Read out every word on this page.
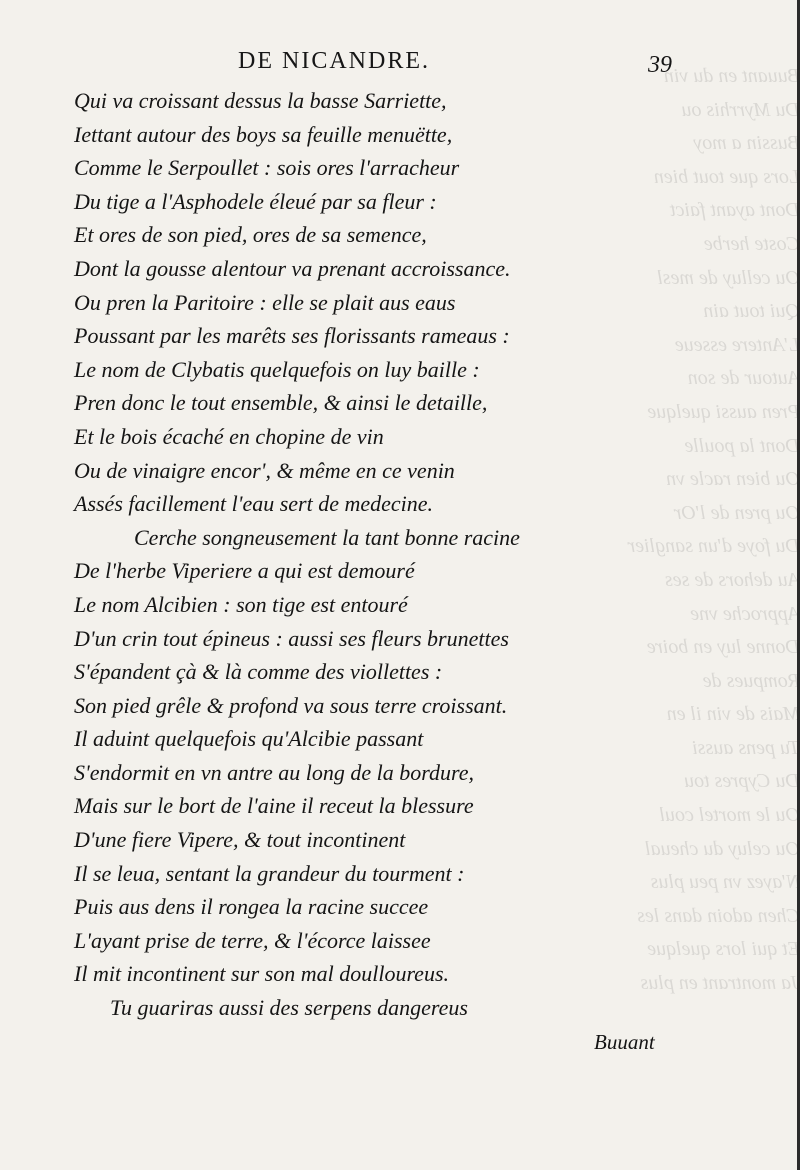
Buuant en du vin
Du Myrrhis ou
Bussin a moy
Lors que tout bien
Dont ayant faict
Coste herbe
Ou celluy de mesl
Qui tout ain
L'Antere esseue
Autour de son
Pren aussi quelque
Dont la poulle
Ou bien racle vn
Ou pren de l'Or
Du foye d'un sanglier
Au dehors de ses
Approche vne
Donne luy en boire
Rompues de
Mais de vin il en
Tu pens aussi
Du Cypres tou
Ou le mortel coul
Ou celuy du cheual
N'ayez vn peu plus
Chen adoin dans les
Et qui lors quelque
Ja montrant en plus
DE NICANDRE.	39
Qui va croissant dessus la basse Sarriette,
Iettant autour des boys sa feuille menuëtte,
Comme le Serpoullet : sois ores l'arracheur
Du tige a l'Asphodele éleué par sa fleur :
Et ores de son pied, ores de sa semence,
Dont la gousse alentour va prenant accroissance.
Ou pren la Paritoire : elle se plait aus eaus
Poussant par les marêts ses florissants rameaus :
Le nom de Clybatis quelquefois on luy baille :
Pren donc le tout ensemble, & ainsi le detaille,
Et le bois écaché en chopine de vin
Ou de vinaigre encor', & même en ce venin
Assés facillement l'eau sert de medecine.
Cerche songneusement la tant bonne racine
De l'herbe Viperiere a qui est demouré
Le nom Alcibien : son tige est entouré
D'un crin tout épineus : aussi ses fleurs brunettes
S'épandent çà & là comme des viollettes :
Son pied grêle & profond va sous terre croissant.
Il aduint quelquefois qu'Alcibie passant
S'endormit en vn antre au long de la bordure,
Mais sur le bort de l'aine il receut la blessure
D'une fiere Vipere, & tout incontinent
Il se leua, sentant la grandeur du tourment :
Puis aus dens il rongea la racine succee
L'ayant prise de terre, & l'écorce laissee
Il mit incontinent sur son mal doulloureus.
Tu guariras aussi des serpens dangereus
Buuant
